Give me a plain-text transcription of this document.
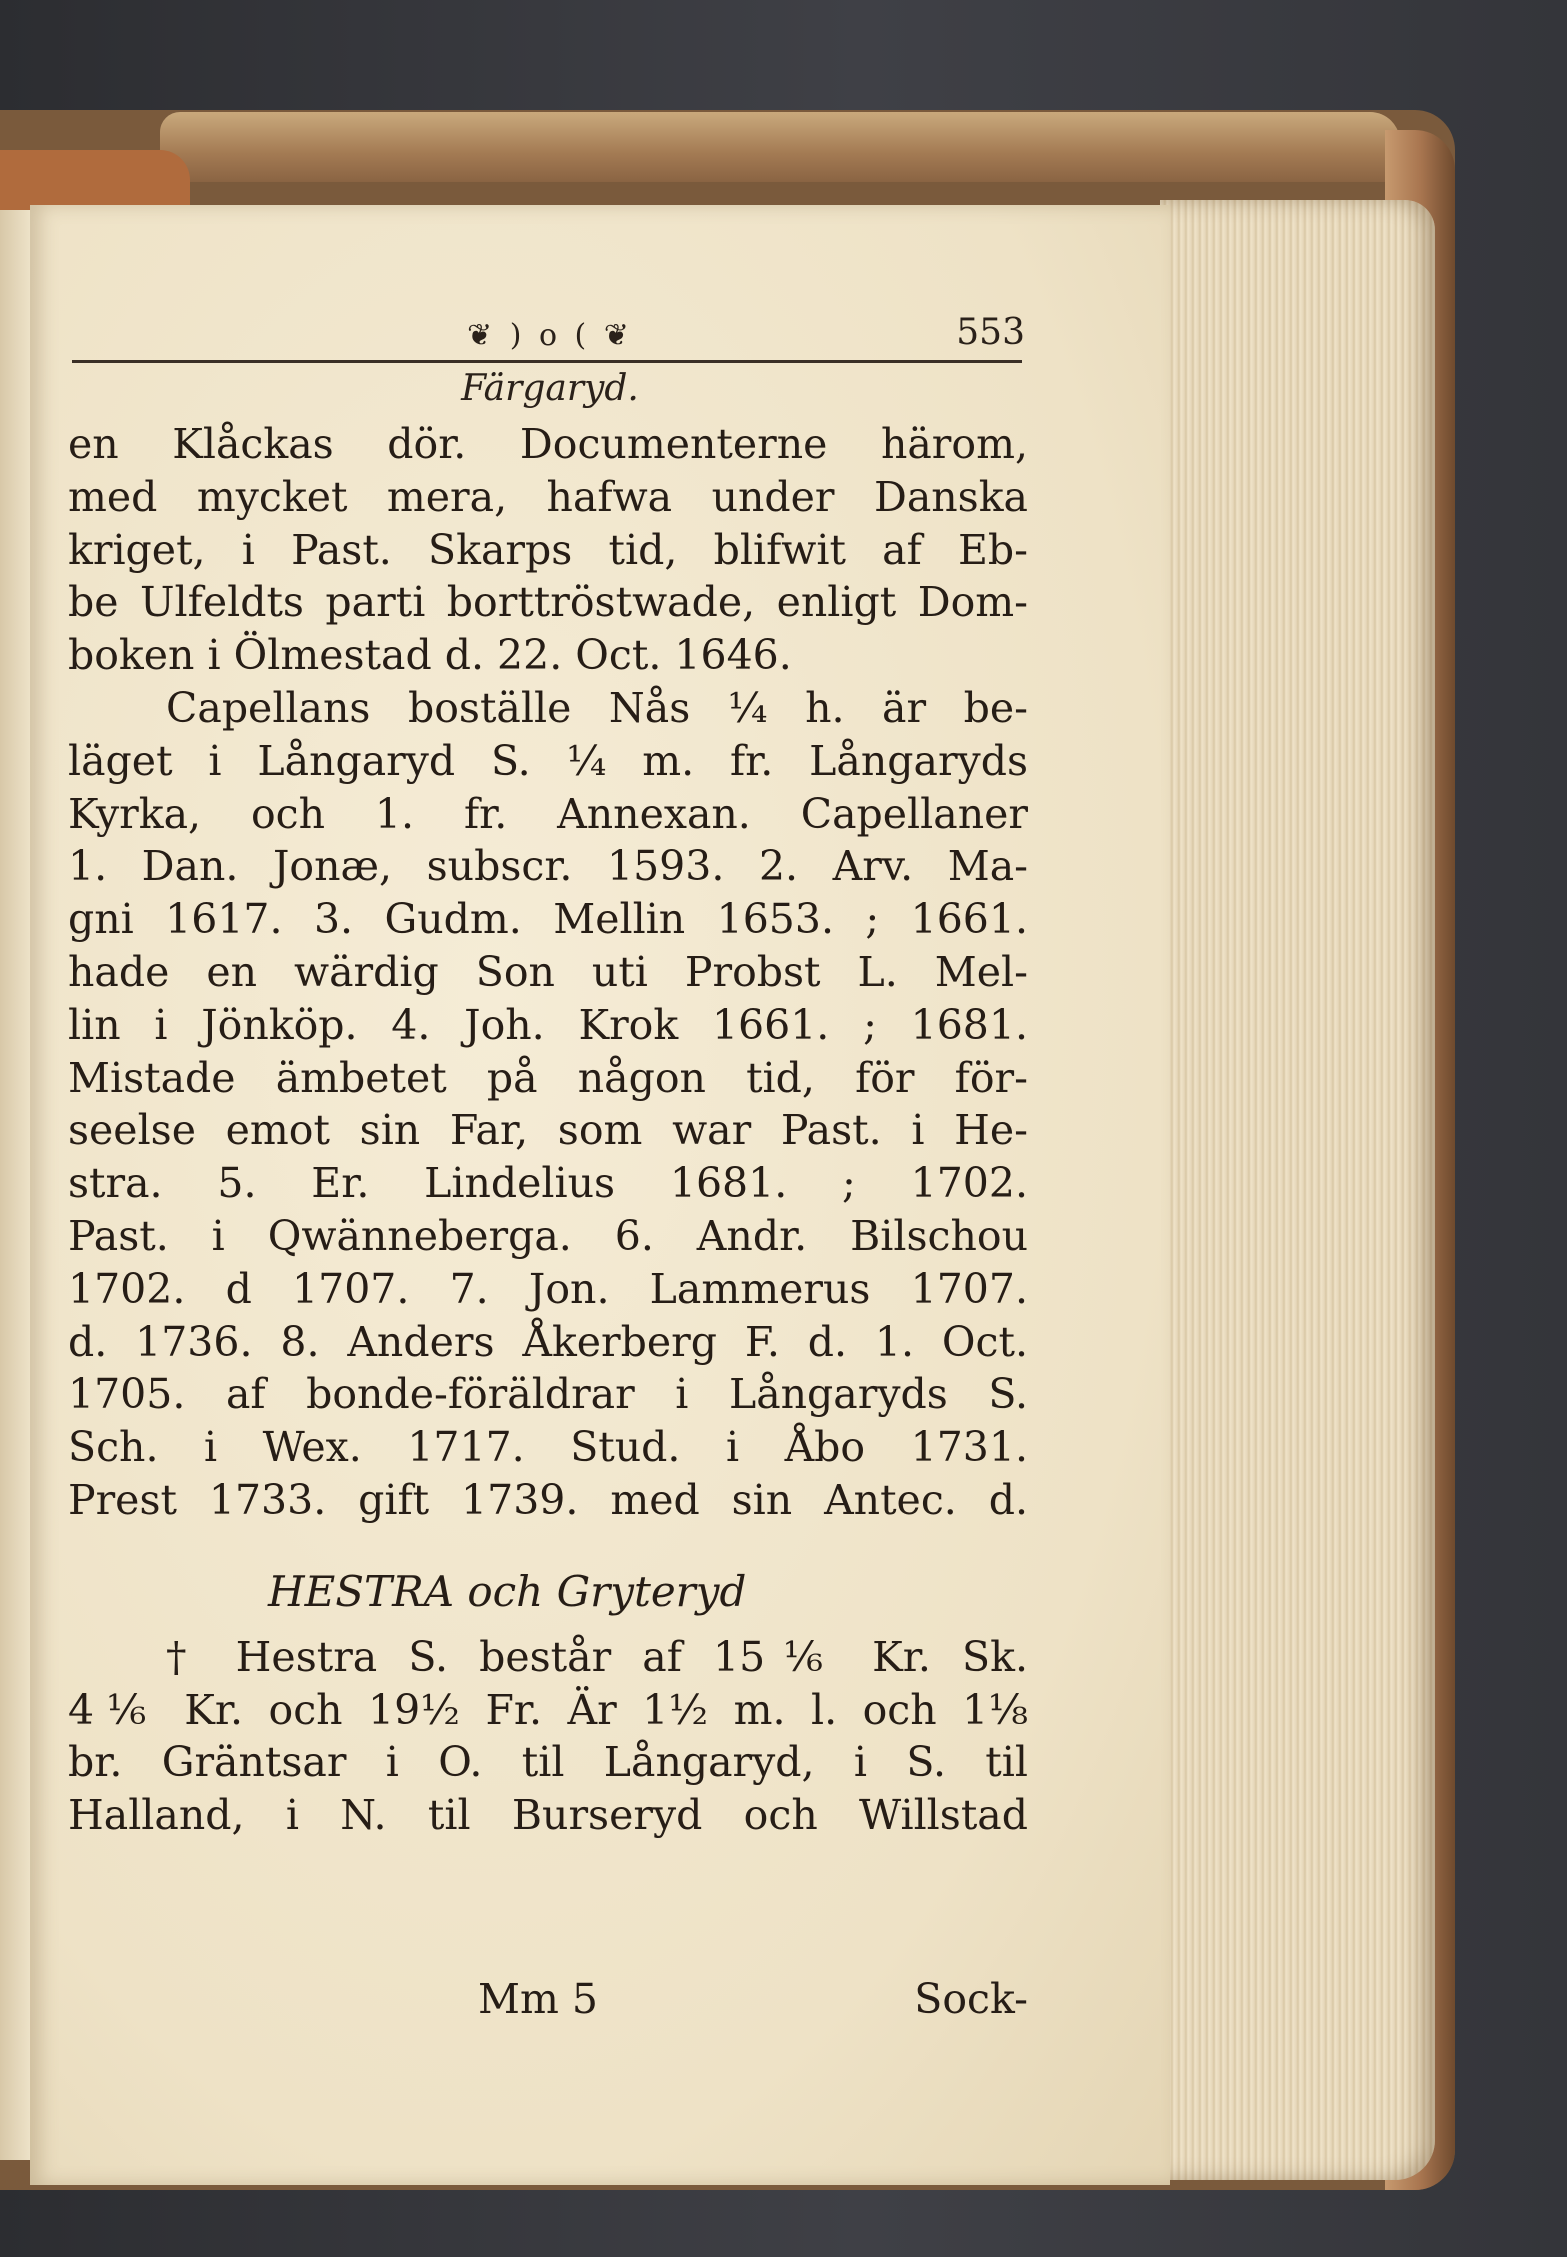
❦ ) o ( ❦	553
Färgaryd.
en Klåckas dör. Documenterne härom,
med mycket mera, hafwa under Danska
kriget, i Past. Skarps tid, blifwit af Eb-
be Ulfeldts parti borttröstwade, enligt Dom-
boken i Ölmestad d. 22. Oct. 1646.
Capellans boställe Nås ¼ h. är be-
läget i Långaryd S. ¼ m. fr. Långaryds
Kyrka, och 1. fr. Annexan. Capellaner
1. Dan. Jonæ, subscr. 1593. 2. Arv. Ma-
gni 1617. 3. Gudm. Mellin 1653. ; 1661.
hade en wärdig Son uti Probst L. Mel-
lin i Jönköp. 4. Joh. Krok 1661. ; 1681.
Mistade ämbetet på någon tid, för för-
seelse emot sin Far, som war Past. i He-
stra. 5. Er. Lindelius 1681. ; 1702.
Past. i Qwänneberga. 6. Andr. Bilschou
1702. d 1707. 7. Jon. Lammerus 1707.
d. 1736. 8. Anders Åkerberg F. d. 1. Oct.
1705. af bonde-föräldrar i Långaryds S.
Sch. i Wex. 1717. Stud. i Åbo 1731.
Prest 1733. gift 1739. med sin Antec. d.
HESTRA och Gryteryd
† Hestra S. består af 15⅙ Kr. Sk.
4⅙ Kr. och 19½ Fr. Är 1½ m. l. och 1⅛
br. Gräntsar i O. til Långaryd, i S. til
Halland, i N. til Burseryd och Willstad
Mm 5	Sock-
